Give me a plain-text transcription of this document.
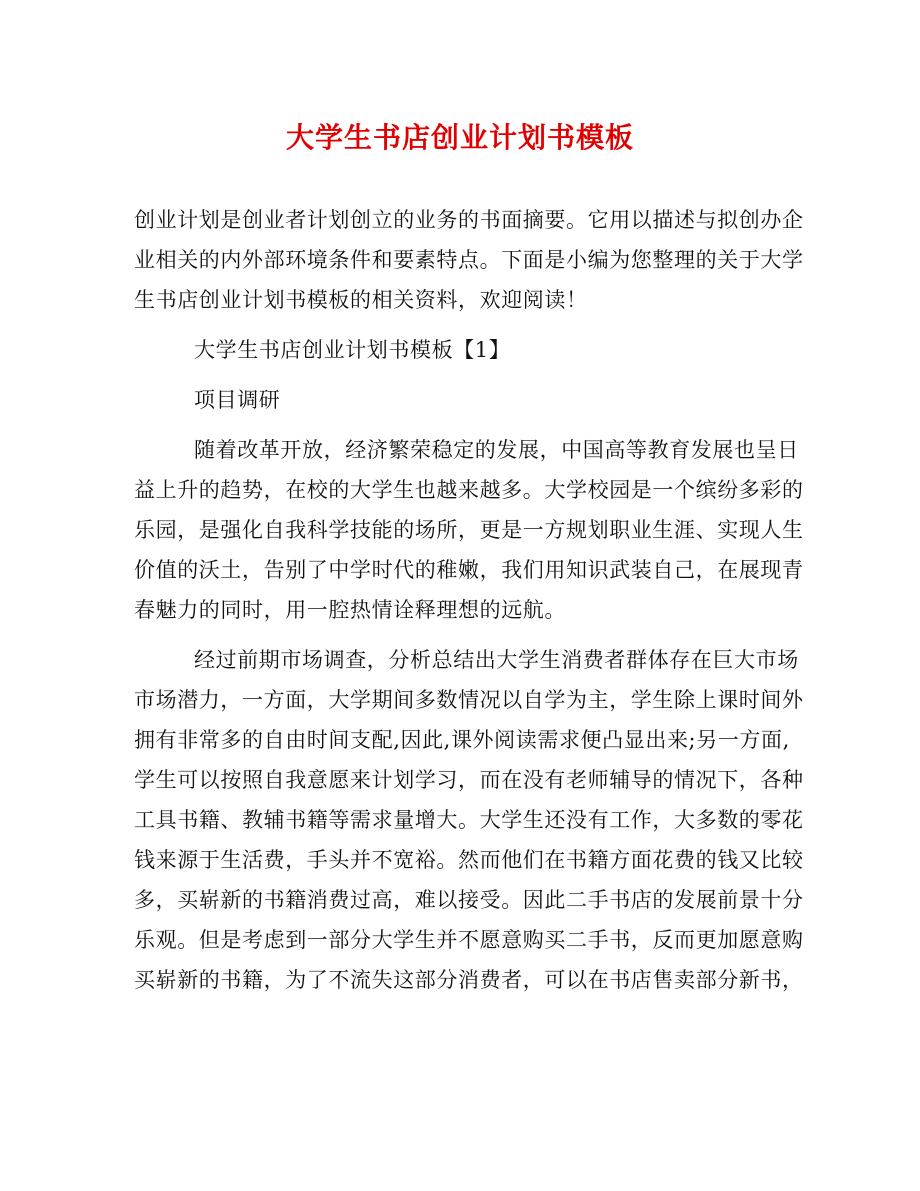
大学生书店创业计划书模板
创业计划是创业者计划创立的业务的书面摘要。它用以描述与拟创办企
业相关的内外部环境条件和要素特点。下面是小编为您整理的关于大学
生书店创业计划书模板的相关资料，欢迎阅读！
大学生书店创业计划书模板【1】
项目调研
随着改革开放，经济繁荣稳定的发展，中国高等教育发展也呈日
益上升的趋势，在校的大学生也越来越多。大学校园是一个缤纷多彩的
乐园，是强化自我科学技能的场所，更是一方规划职业生涯、实现人生
价值的沃土，告别了中学时代的稚嫩，我们用知识武装自己，在展现青
春魅力的同时，用一腔热情诠释理想的远航。
经过前期市场调查，分析总结出大学生消费者群体存在巨大市场
市场潜力，一方面，大学期间多数情况以自学为主，学生除上课时间外
拥有非常多的自由时间支配,因此,课外阅读需求便凸显出来;另一方面,
学生可以按照自我意愿来计划学习，而在没有老师辅导的情况下，各种
工具书籍、教辅书籍等需求量增大。大学生还没有工作，大多数的零花
钱来源于生活费，手头并不宽裕。然而他们在书籍方面花费的钱又比较
多，买崭新的书籍消费过高，难以接受。因此二手书店的发展前景十分
乐观。但是考虑到一部分大学生并不愿意购买二手书，反而更加愿意购
买崭新的书籍，为了不流失这部分消费者，可以在书店售卖部分新书，
